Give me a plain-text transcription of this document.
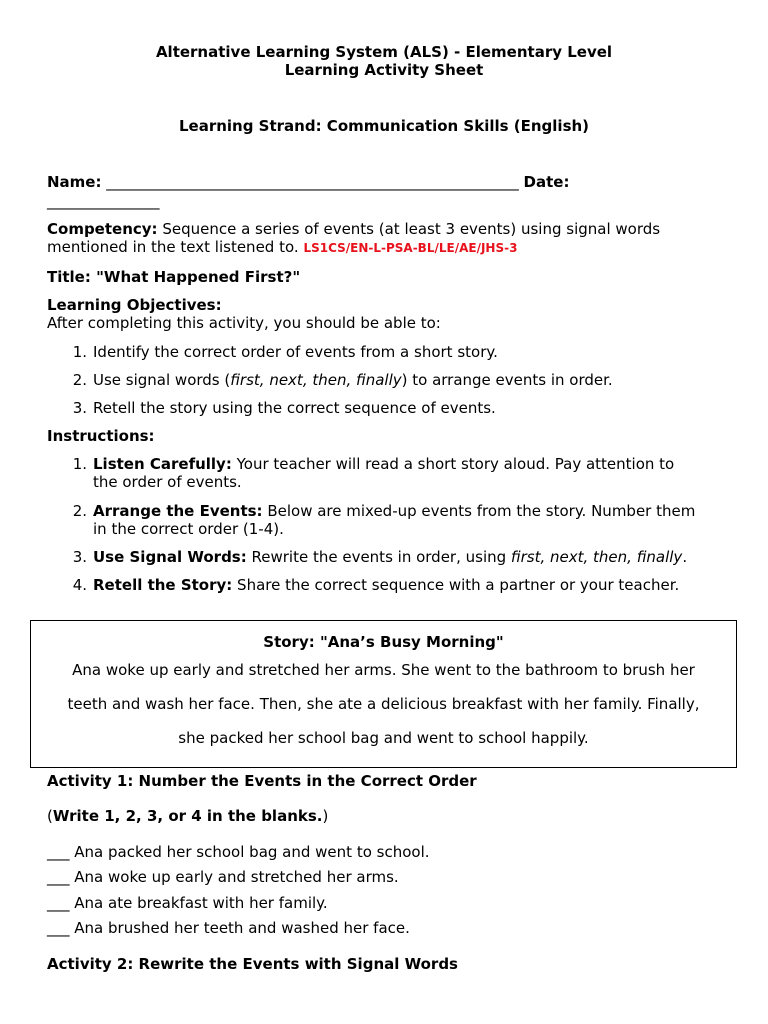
Alternative Learning System (ALS) - Elementary Level
Learning Activity Sheet
Learning Strand: Communication Skills (English)
Name: _______________________________________________________ Date:
_______________
Competency: Sequence a series of events (at least 3 events) using signal words
mentioned in the text listened to. LS1CS/EN-L-PSA-BL/LE/AE/JHS-3
Title: "What Happened First?"
Learning Objectives:
After completing this activity, you should be able to:
1. Identify the correct order of events from a short story.
2. Use signal words (first, next, then, finally) to arrange events in order.
3. Retell the story using the correct sequence of events.
Instructions:
1. Listen Carefully: Your teacher will read a short story aloud. Pay attention to
the order of events.
2. Arrange the Events: Below are mixed-up events from the story. Number them
in the correct order (1-4).
3. Use Signal Words: Rewrite the events in order, using first, next, then, finally.
4. Retell the Story: Share the correct sequence with a partner or your teacher.
Story: "Ana’s Busy Morning"
Ana woke up early and stretched her arms. She went to the bathroom to brush her
teeth and wash her face. Then, she ate a delicious breakfast with her family. Finally,
she packed her school bag and went to school happily.
Activity 1: Number the Events in the Correct Order
(Write 1, 2, 3, or 4 in the blanks.)
___ Ana packed her school bag and went to school.
___ Ana woke up early and stretched her arms.
___ Ana ate breakfast with her family.
___ Ana brushed her teeth and washed her face.
Activity 2: Rewrite the Events with Signal Words
